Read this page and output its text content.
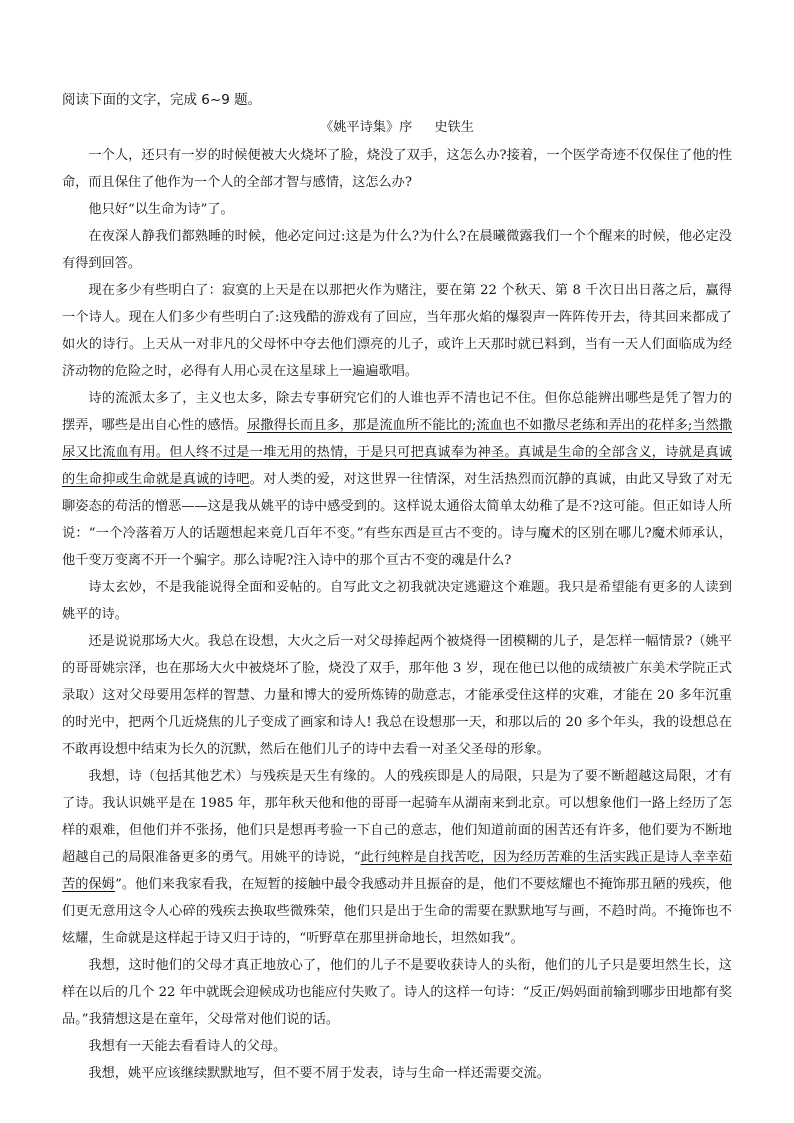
阅读下面的文字，完成 6~9 题。

《姚平诗集》序 史铁生

一个人，还只有一岁的时候便被大火烧坏了脸，烧没了双手，这怎么办?接着，一个医学奇迹不仅保住了他的性命，而且保住了他作为一个人的全部才智与感情，这怎么办?

他只好“以生命为诗”了。

在夜深人静我们都熟睡的时候，他必定问过:这是为什么?为什么?在晨曦微露我们一个个醒来的时候，他必定没有得到回答。

现在多少有些明白了：寂寞的上天是在以那把火作为赌注，要在第 22 个秋天、第 8 千次日出日落之后，赢得一个诗人。现在人们多少有些明白了:这残酷的游戏有了回应，当年那火焰的爆裂声一阵阵传开去，待其回来都成了如火的诗行。上天从一对非凡的父母怀中夺去他们漂亮的儿子，或许上天那时就已料到，当有一天人们面临成为经济动物的危险之时，必得有人用心灵在这星球上一遍遍歌唱。

诗的流派太多了，主义也太多，除去专事研究它们的人谁也弄不清也记不住。但你总能辨出哪些是凭了智力的摆弄，哪些是出自心性的感悟。尿撒得长而且多，那是流血所不能比的;流血也不如撒尽老练和弄出的花样多;当然撒尿又比流血有用。但人终不过是一堆无用的热情，于是只可把真诚奉为神圣。真诚是生命的全部含义，诗就是真诚的生命抑或生命就是真诚的诗吧。对人类的爱，对这世界一往情深，对生活热烈而沉静的真诚，由此又导致了对无聊姿态的苟活的憎恶——这是我从姚平的诗中感受到的。这样说太通俗太简单太幼稚了是不?这可能。但正如诗人所说：“一个冷落着万人的话题想起来竟几百年不变。”有些东西是亘古不变的。诗与魔术的区别在哪儿?魔术师承认，他千变万变离不开一个骗字。那么诗呢?注入诗中的那个亘古不变的魂是什么?

诗太玄妙，不是我能说得全面和妥帖的。自写此文之初我就决定逃避这个难题。我只是希望能有更多的人读到姚平的诗。

还是说说那场大火。我总在设想，大火之后一对父母捧起两个被烧得一团模糊的儿子，是怎样一幅情景?（姚平的哥哥姚宗泽，也在那场大火中被烧坏了脸，烧没了双手，那年他 3 岁，现在他已以他的成绩被广东美术学院正式录取）这对父母要用怎样的智慧、力量和博大的爱所炼铸的勋意志，才能承受住这样的灾难，才能在 20 多年沉重的时光中，把两个几近烧焦的儿子变成了画家和诗人! 我总在设想那一天，和那以后的 20 多个年头，我的设想总在不敢再设想中结束为长久的沉默，然后在他们儿子的诗中去看一对圣父圣母的形象。

我想，诗（包括其他艺术）与残疾是天生有缘的。人的残疾即是人的局限，只是为了要不断超越这局限，才有了诗。我认识姚平是在 1985 年，那年秋天他和他的哥哥一起骑车从湖南来到北京。可以想象他们一路上经历了怎样的艰难，但他们并不张扬，他们只是想再考验一下自己的意志，他们知道前面的困苦还有许多，他们要为不断地超越自己的局限准备更多的勇气。用姚平的诗说，“此行纯粹是自找苦吃，因为经历苦难的生活实践正是诗人幸幸茹苦的保姆”。他们来我家看我，在短暂的接触中最令我感动并且振奋的是，他们不要炫耀也不掩饰那丑陋的残疾，他们更无意用这令人心碎的残疾去换取些微殊荣，他们只是出于生命的需要在默默地写与画，不趋时尚。不掩饰也不炫耀，生命就是这样起于诗又归于诗的，“听野草在那里拼命地长，坦然如我”。

我想，这时他们的父母才真正地放心了，他们的儿子不是要收获诗人的头衔，他们的儿子只是要坦然生长，这样在以后的几个 22 年中就既会迎候成功也能应付失败了。诗人的这样一句诗：“反正/妈妈面前输到哪步田地都有奖品。”我猜想这是在童年，父母常对他们说的话。

我想有一天能去看看诗人的父母。

我想，姚平应该继续默默地写，但不要不屑于发表，诗与生命一样还需要交流。
